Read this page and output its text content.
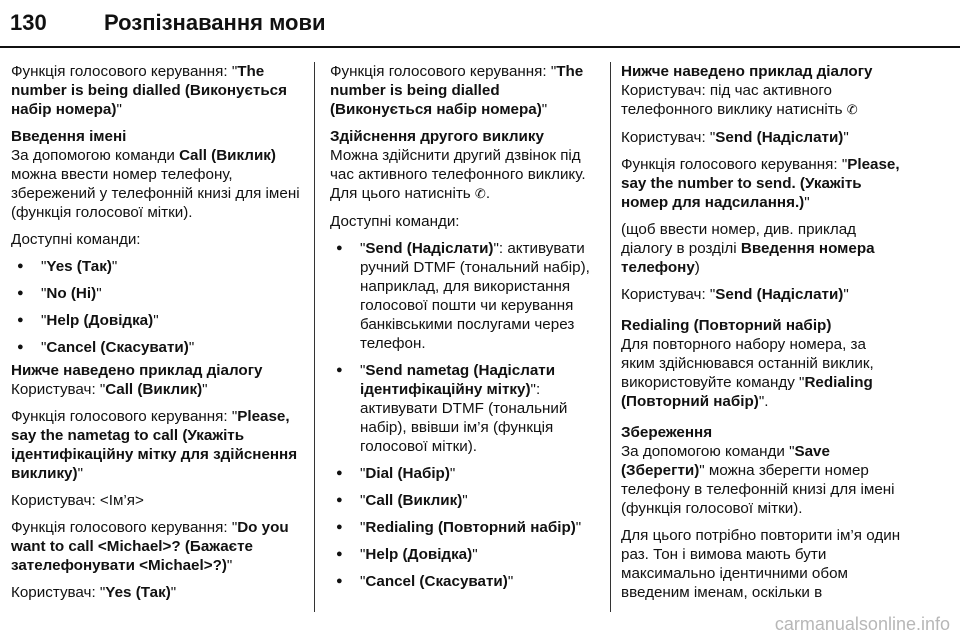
130	Розпізнавання мови
Функція голосового керування: "The number is being dialled (Виконується набір номера)"
Введення імені
За допомогою команди Call (Виклик) можна ввести номер телефону, збережений у телефонній книзі для імені (функція голосової мітки).
Доступні команди:
● "Yes (Так)"
● "No (Ні)"
● "Help (Довідка)"
● "Cancel (Скасувати)"
Нижче наведено приклад діалогу
Користувач: "Call (Виклик)"
Функція голосового керування: "Please, say the nametag to call (Укажіть ідентифікаційну мітку для здійснення виклику)"
Користувач: <Ім’я>
Функція голосового керування: "Do you want to call <Michael>? (Бажаєте зателефонувати <Michael>?)"
Користувач: "Yes (Так)"
Функція голосового керування: "The number is being dialled (Виконується набір номера)"
Здійснення другого виклику
Можна здійснити другий дзвінок під час активного телефонного виклику. Для цього натисніть ✆.
Доступні команди:
● "Send (Надіслати)": активувати ручний DTMF (тональний набір), наприклад, для використання голосової пошти чи керування банківськими послугами через телефон.
● "Send nametag (Надіслати ідентифікаційну мітку)": активувати DTMF (тональний набір), ввівши ім’я (функція голосової мітки).
● "Dial (Набір)"
● "Call (Виклик)"
● "Redialing (Повторний набір)"
● "Help (Довідка)"
● "Cancel (Скасувати)"
Нижче наведено приклад діалогу
Користувач: під час активного телефонного виклику натисніть ✆
Користувач: "Send (Надіслати)"
Функція голосового керування: "Please, say the number to send. (Укажіть номер для надсилання.)"
(щоб ввести номер, див. приклад діалогу в розділі Введення номера телефону)
Користувач: "Send (Надіслати)"
Redialing (Повторний набір)
Для повторного набору номера, за яким здійснювався останній виклик, використовуйте команду "Redialing (Повторний набір)".
Збереження
За допомогою команди "Save (Зберегти)" можна зберегти номер телефону в телефонній книзі для імені (функція голосової мітки).
Для цього потрібно повторити ім’я один раз. Тон і вимова мають бути максимально ідентичними обом введеним іменам, оскільки в
carmanualsonline.info
